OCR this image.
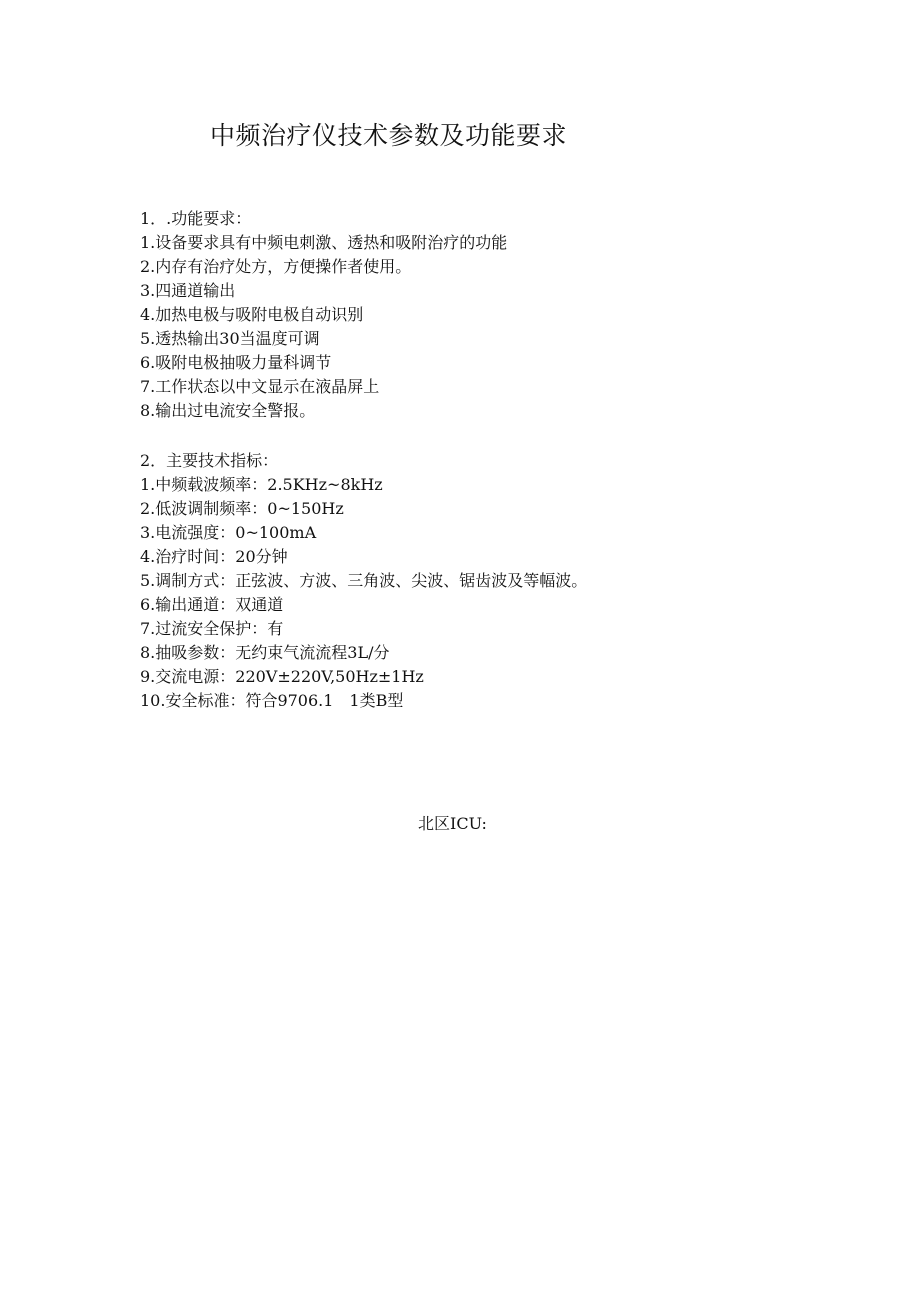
中频治疗仪技术参数及功能要求
1．.功能要求：
1.设备要求具有中频电刺激、透热和吸附治疗的功能
2.内存有治疗处方，方便操作者使用。
3.四通道输出
4.加热电极与吸附电极自动识别
5.透热输出30当温度可调
6.吸附电极抽吸力量科调节
7.工作状态以中文显示在液晶屏上
8.输出过电流安全警报。
2．主要技术指标：
1.中频载波频率：2.5KHz~8kHz
2.低波调制频率：0~150Hz
3.电流强度：0~100mA
4.治疗时间：20分钟
5.调制方式：正弦波、方波、三角波、尖波、锯齿波及等幅波。
6.输出通道：双通道
7.过流安全保护：有
8.抽吸参数：无约束气流流程3L/分
9.交流电源：220V±220V,50Hz±1Hz
10.安全标准：符合9706.1　1类B型
北区ICU:
